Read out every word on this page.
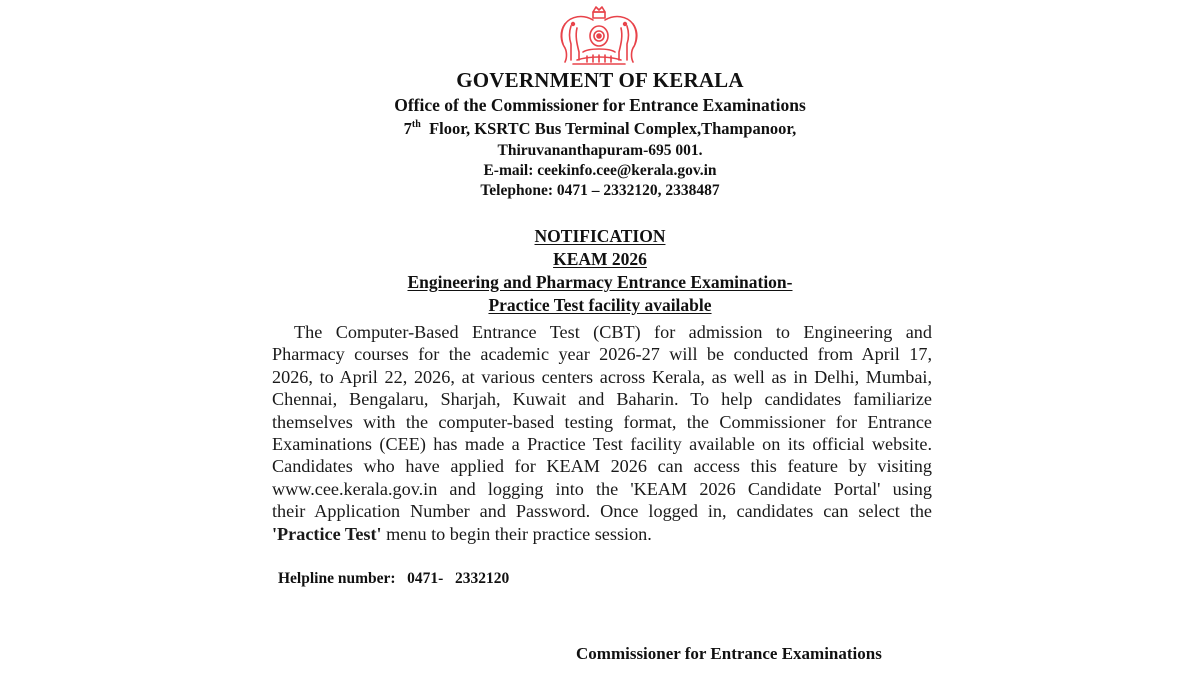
GOVERNMENT OF KERALA
Office of the Commissioner for Entrance Examinations
7th Floor, KSRTC Bus Terminal Complex,Thampanoor,
Thiruvananthapuram-695 001.
E-mail: ceekinfo.cee@kerala.gov.in
Telephone: 0471 – 2332120, 2338487
NOTIFICATION
KEAM 2026
Engineering and Pharmacy Entrance Examination-
Practice Test facility available
The Computer-Based Entrance Test (CBT) for admission to Engineering and
Pharmacy courses for the academic year 2026-27 will be conducted from April 17,
2026, to April 22, 2026, at various centers across Kerala, as well as in Delhi, Mumbai,
Chennai, Bengalaru, Sharjah, Kuwait and Baharin. To help candidates familiarize
themselves with the computer-based testing format, the Commissioner for Entrance
Examinations (CEE) has made a Practice Test facility available on its official website.
Candidates who have applied for KEAM 2026 can access this feature by visiting
www.cee.kerala.gov.in and logging into the 'KEAM 2026 Candidate Portal' using
their Application Number and Password. Once logged in, candidates can select the
'Practice Test' menu to begin their practice session.
Helpline number:   0471-   2332120
Commissioner for Entrance Examinations
